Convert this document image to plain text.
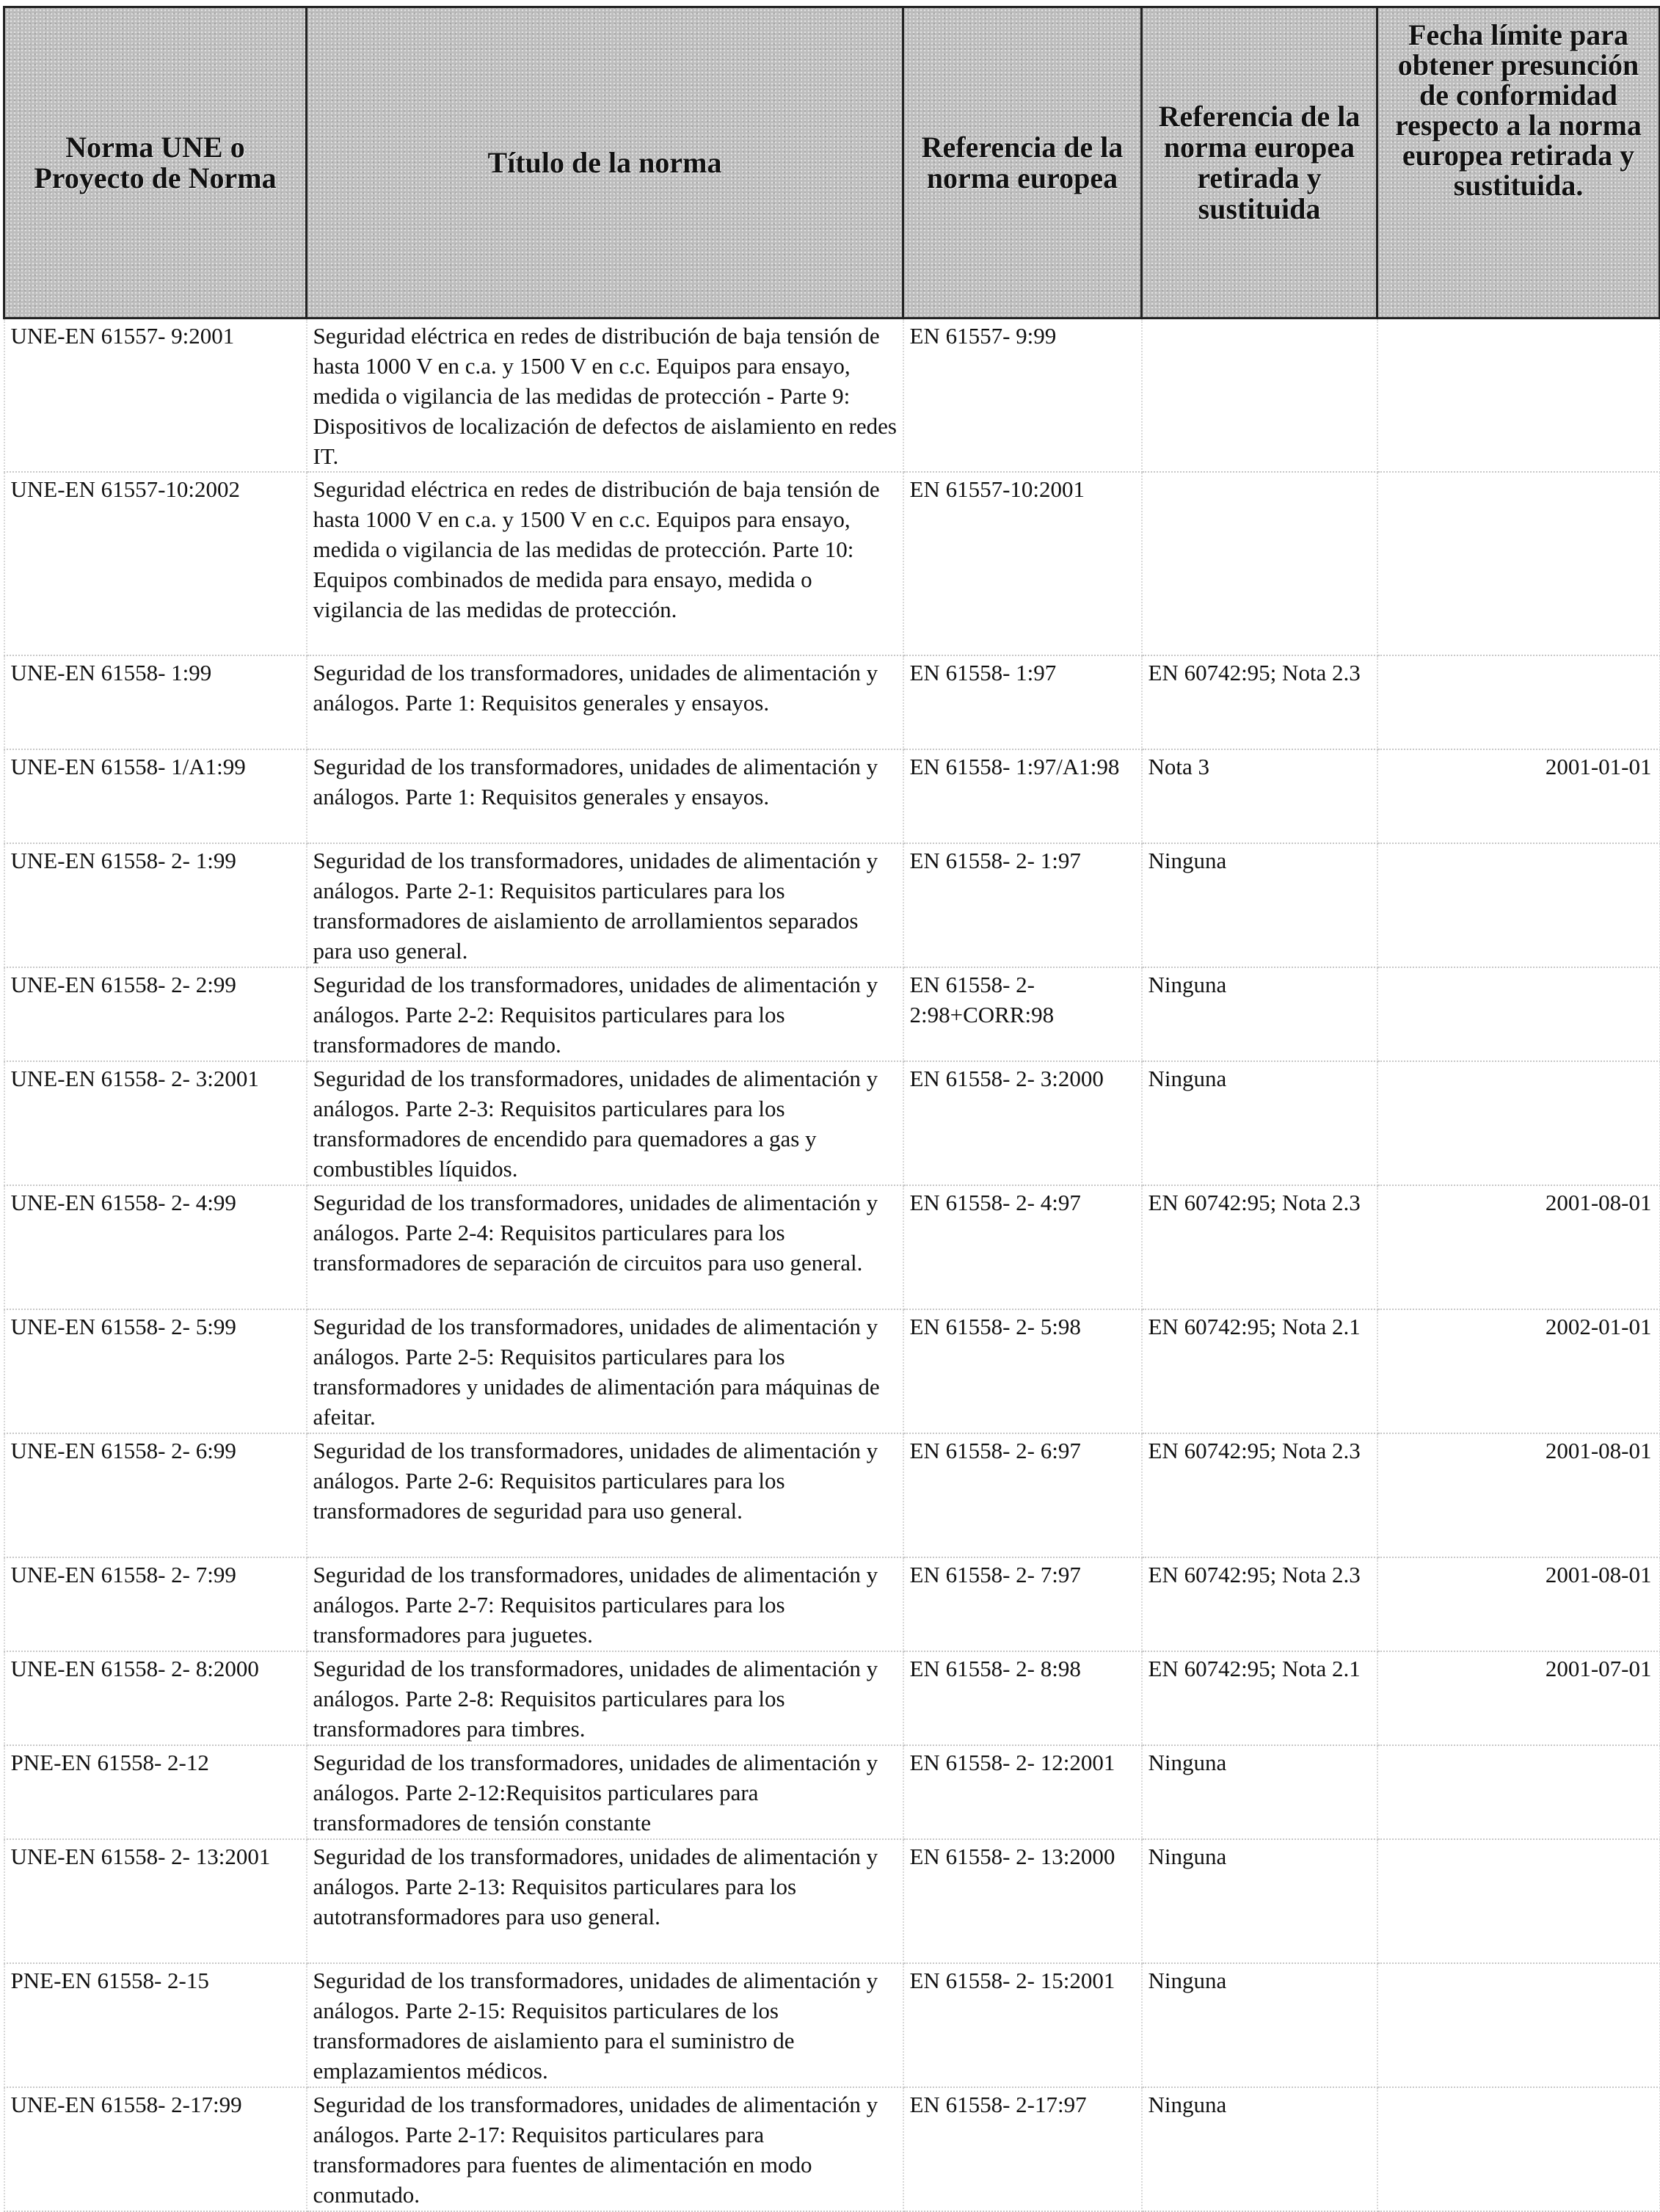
Norma UNE o Proyecto de Norma	Título de la norma	Referencia de la norma europea	Referencia de la norma europea retirada y sustituida	Fecha límite para obtener presunción de conformidad respecto a la norma europea retirada y sustituida.
UNE-EN 61557- 9:2001	Seguridad eléctrica en redes de distribución de baja tensión de hasta 1000 V en c.a. y 1500 V en c.c. Equipos para ensayo, medida o vigilancia de las medidas de protección - Parte 9: Dispositivos de localización de defectos de aislamiento en redes IT.	EN 61557- 9:99		
UNE-EN 61557-10:2002	Seguridad eléctrica en redes de distribución de baja tensión de hasta 1000 V en c.a. y 1500 V en c.c. Equipos para ensayo, medida o vigilancia de las medidas de protección. Parte 10: Equipos combinados de medida para ensayo, medida o vigilancia de las medidas de protección.	EN 61557-10:2001		
UNE-EN 61558- 1:99	Seguridad de los transformadores, unidades de alimentación y análogos. Parte 1: Requisitos generales y ensayos.	EN 61558- 1:97	EN 60742:95; Nota 2.3	
UNE-EN 61558- 1/A1:99	Seguridad de los transformadores, unidades de alimentación y análogos. Parte 1: Requisitos generales y ensayos.	EN 61558- 1:97/A1:98	Nota 3	2001-01-01
UNE-EN 61558- 2- 1:99	Seguridad de los transformadores, unidades de alimentación y análogos. Parte 2-1: Requisitos particulares para los transformadores de aislamiento de arrollamientos separados para uso general.	EN 61558- 2- 1:97	Ninguna	
UNE-EN 61558- 2- 2:99	Seguridad de los transformadores, unidades de alimentación y análogos. Parte 2-2: Requisitos particulares para los transformadores de mando.	EN 61558- 2- 2:98+CORR:98	Ninguna	
UNE-EN 61558- 2- 3:2001	Seguridad de los transformadores, unidades de alimentación y análogos. Parte 2-3: Requisitos particulares para los transformadores de encendido para quemadores a gas y combustibles líquidos.	EN 61558- 2- 3:2000	Ninguna	
UNE-EN 61558- 2- 4:99	Seguridad de los transformadores, unidades de alimentación y análogos. Parte 2-4: Requisitos particulares para los transformadores de separación de circuitos para uso general.	EN 61558- 2- 4:97	EN 60742:95; Nota 2.3	2001-08-01
UNE-EN 61558- 2- 5:99	Seguridad de los transformadores, unidades de alimentación y análogos. Parte 2-5: Requisitos particulares para los transformadores y unidades de alimentación para máquinas de afeitar.	EN 61558- 2- 5:98	EN 60742:95; Nota 2.1	2002-01-01
UNE-EN 61558- 2- 6:99	Seguridad de los transformadores, unidades de alimentación y análogos. Parte 2-6: Requisitos particulares para los transformadores de seguridad para uso general.	EN 61558- 2- 6:97	EN 60742:95; Nota 2.3	2001-08-01
UNE-EN 61558- 2- 7:99	Seguridad de los transformadores, unidades de alimentación y análogos. Parte 2-7: Requisitos particulares para los transformadores para juguetes.	EN 61558- 2- 7:97	EN 60742:95; Nota 2.3	2001-08-01
UNE-EN 61558- 2- 8:2000	Seguridad de los transformadores, unidades de alimentación y análogos. Parte 2-8: Requisitos particulares para los transformadores para timbres.	EN 61558- 2- 8:98	EN 60742:95; Nota 2.1	2001-07-01
PNE-EN 61558- 2-12	Seguridad de los transformadores, unidades de alimentación y análogos. Parte 2-12:Requisitos particulares para transformadores de tensión constante	EN 61558- 2- 12:2001	Ninguna	
UNE-EN 61558- 2- 13:2001	Seguridad de los transformadores, unidades de alimentación y análogos. Parte 2-13: Requisitos particulares para los autotransformadores para uso general.	EN 61558- 2- 13:2000	Ninguna	
PNE-EN 61558- 2-15	Seguridad de los transformadores, unidades de alimentación y análogos. Parte 2-15: Requisitos particulares de los transformadores de aislamiento para el suministro de emplazamientos médicos.	EN 61558- 2- 15:2001	Ninguna	
UNE-EN 61558- 2-17:99	Seguridad de los transformadores, unidades de alimentación y análogos. Parte 2-17: Requisitos particulares para transformadores para fuentes de alimentación en modo conmutado.	EN 61558- 2-17:97	Ninguna	
